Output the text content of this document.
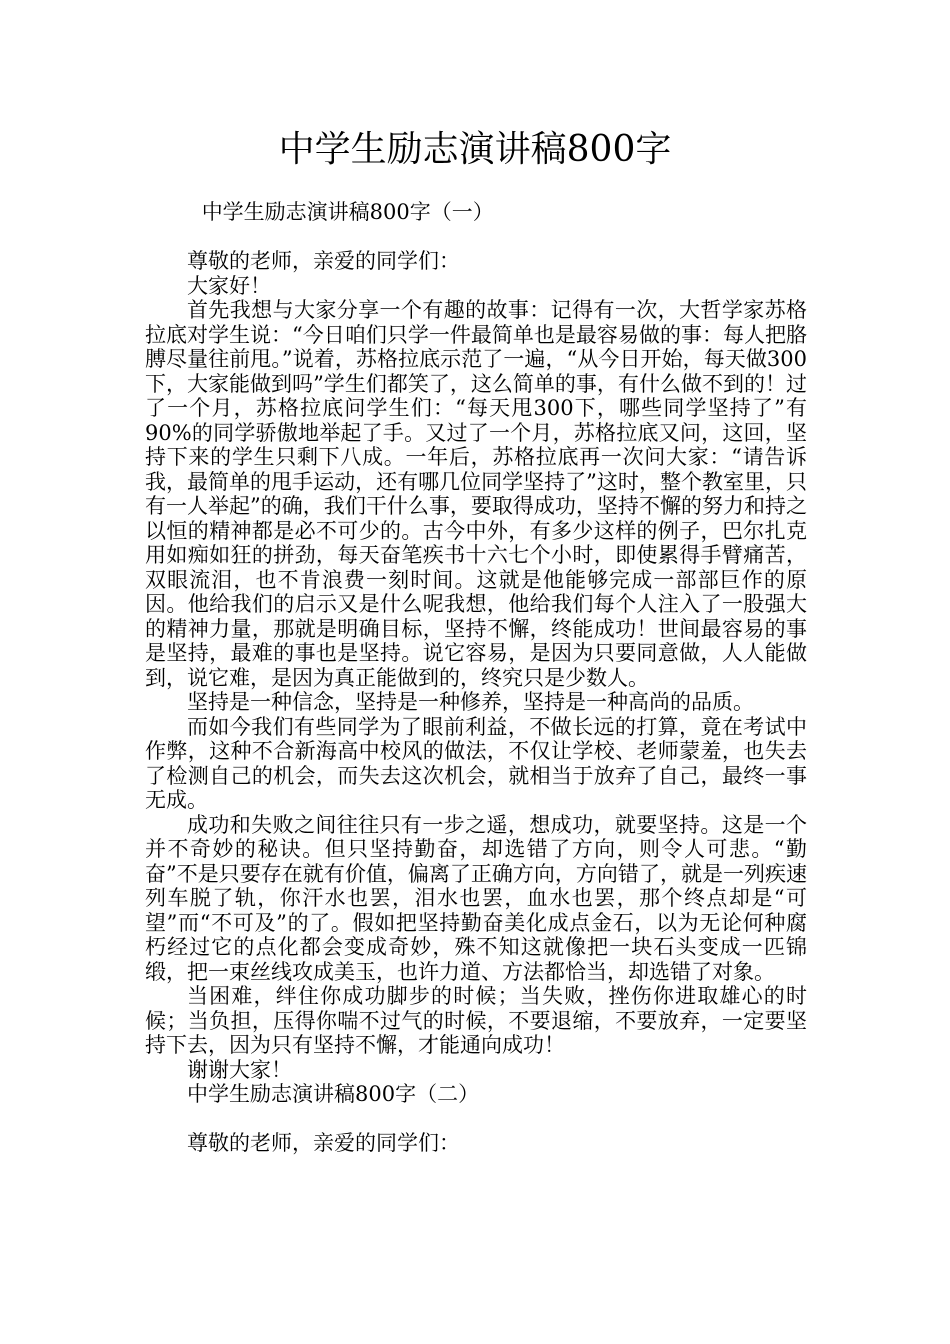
中学生励志演讲稿800字

中学生励志演讲稿800字（一）

尊敬的老师，亲爱的同学们：

大家好！

首先我想与大家分享一个有趣的故事：记得有一次，大哲学家苏格拉底对学生说：“今日咱们只学一件最简单也是最容易做的事：每人把胳膊尽量往前甩。”说着，苏格拉底示范了一遍，“从今日开始，每天做300下，大家能做到吗”学生们都笑了，这么简单的事，有什么做不到的！过了一个月，苏格拉底问学生们：“每天甩300下，哪些同学坚持了”有90%的同学骄傲地举起了手。又过了一个月，苏格拉底又问，这回，坚持下来的学生只剩下八成。一年后，苏格拉底再一次问大家：“请告诉我，最简单的甩手运动，还有哪几位同学坚持了”这时，整个教室里，只有一人举起”的确，我们干什么事，要取得成功，坚持不懈的努力和持之以恒的精神都是必不可少的。古今中外，有多少这样的例子，巴尔扎克用如痴如狂的拼劲，每天奋笔疾书十六七个小时，即使累得手臂痛苦，双眼流泪，也不肯浪费一刻时间。这就是他能够完成一部部巨作的原因。他给我们的启示又是什么呢我想，他给我们每个人注入了一股强大的精神力量，那就是明确目标，坚持不懈，终能成功！世间最容易的事是坚持，最难的事也是坚持。说它容易，是因为只要同意做，人人能做到，说它难，是因为真正能做到的，终究只是少数人。

坚持是一种信念，坚持是一种修养，坚持是一种高尚的品质。

而如今我们有些同学为了眼前利益，不做长远的打算，竟在考试中作弊，这种不合新海高中校风的做法，不仅让学校、老师蒙羞，也失去了检测自己的机会，而失去这次机会，就相当于放弃了自己，最终一事无成。

成功和失败之间往往只有一步之遥，想成功，就要坚持。这是一个并不奇妙的秘诀。但只坚持勤奋，却选错了方向，则令人可悲。“勤奋”不是只要存在就有价值，偏离了正确方向，方向错了，就是一列疾速列车脱了轨，你汗水也罢，泪水也罢，血水也罢，那个终点却是“可望”而“不可及”的了。假如把坚持勤奋美化成点金石，以为无论何种腐朽经过它的点化都会变成奇妙，殊不知这就像把一块石头变成一匹锦缎，把一束丝线攻成美玉，也许力道、方法都恰当，却选错了对象。

当困难，绊住你成功脚步的时候；当失败，挫伤你进取雄心的时候；当负担，压得你喘不过气的时候，不要退缩，不要放弃，一定要坚持下去，因为只有坚持不懈，才能通向成功！

谢谢大家！

中学生励志演讲稿800字（二）

尊敬的老师，亲爱的同学们：
